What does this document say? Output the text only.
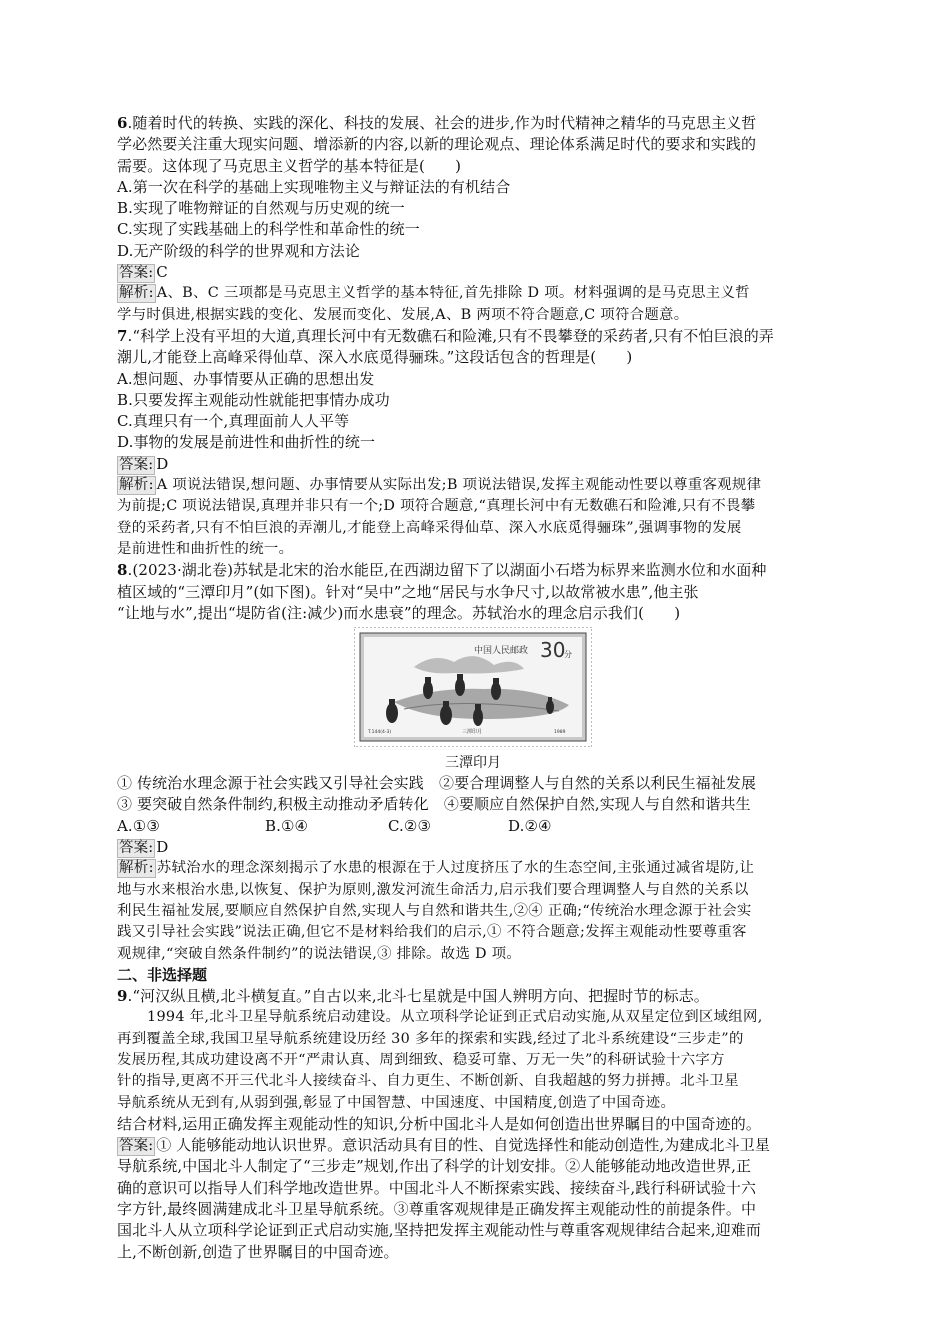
6.随着时代的转换、实践的深化、科技的发展、社会的进步,作为时代精神之精华的马克思主义哲
学必然要关注重大现实问题、增添新的内容,以新的理论观点、理论体系满足时代的要求和实践的
需要。这体现了马克思主义哲学的基本特征是(　　)
A.第一次在科学的基础上实现唯物主义与辩证法的有机结合
B.实现了唯物辩证的自然观与历史观的统一
C.实现了实践基础上的科学性和革命性的统一
D.无产阶级的科学的世界观和方法论
答案: C
解析: A、B、C 三项都是马克思主义哲学的基本特征,首先排除 D 项。材料强调的是马克思主义哲
学与时俱进,根据实践的变化、发展而变化、发展,A、B 两项不符合题意,C 项符合题意。
7.“科学上没有平坦的大道,真理长河中有无数礁石和险滩,只有不畏攀登的采药者,只有不怕巨浪的弄
潮儿,才能登上高峰采得仙草、深入水底觅得骊珠。”这段话包含的哲理是(　　)
A.想问题、办事情要从正确的思想出发
B.只要发挥主观能动性就能把事情办成功
C.真理只有一个,真理面前人人平等
D.事物的发展是前进性和曲折性的统一
答案: D
解析: A 项说法错误,想问题、办事情要从实际出发;B 项说法错误,发挥主观能动性要以尊重客观规律
为前提;C 项说法错误,真理并非只有一个;D 项符合题意,“真理长河中有无数礁石和险滩,只有不畏攀
登的采药者,只有不怕巨浪的弄潮儿,才能登上高峰采得仙草、深入水底觅得骊珠”,强调事物的发展
是前进性和曲折性的统一。
8.(2023·湖北卷)苏轼是北宋的治水能臣,在西湖边留下了以湖面小石塔为标界来监测水位和水面种
植区域的“三潭印月”(如下图)。针对“吴中”之地“居民与水争尺寸,以故常被水患”,他主张
“让地与水”,提出“堤防省(注:减少)而水患衰”的理念。苏轼治水的理念启示我们(　　)
中国人民邮政 30
分
T.144(4-3)	三潭印月	1989
三潭印月
① 传统治水理念源于社会实践又引导社会实践　②要合理调整人与自然的关系以利民生福祉发展
③ 要突破自然条件制约,积极主动推动矛盾转化　④要顺应自然保护自然,实现人与自然和谐共生
A.①③	B.①④	C.②③	D.②④
答案: D
解析: 苏轼治水的理念深刻揭示了水患的根源在于人过度挤压了水的生态空间,主张通过减省堤防,让
地与水来根治水患,以恢复、保护为原则,激发河流生命活力,启示我们要合理调整人与自然的关系以
利民生福祉发展,要顺应自然保护自然,实现人与自然和谐共生,②④ 正确;“传统治水理念源于社会实
践又引导社会实践”说法正确,但它不是材料给我们的启示,① 不符合题意;发挥主观能动性要尊重客
观规律,“突破自然条件制约”的说法错误,③ 排除。故选 D 项。
二、非选择题
9.“河汉纵且横,北斗横复直。”自古以来,北斗七星就是中国人辨明方向、把握时节的标志。
1994 年,北斗卫星导航系统启动建设。从立项科学论证到正式启动实施,从双星定位到区域组网,
再到覆盖全球,我国卫星导航系统建设历经 30 多年的探索和实践,经过了北斗系统建设“三步走”的
发展历程,其成功建设离不开“严肃认真、周到细致、稳妥可靠、万无一失”的科研试验十六字方
针的指导,更离不开三代北斗人接续奋斗、自力更生、不断创新、自我超越的努力拼搏。北斗卫星
导航系统从无到有,从弱到强,彰显了中国智慧、中国速度、中国精度,创造了中国奇迹。
结合材料,运用正确发挥主观能动性的知识,分析中国北斗人是如何创造出世界瞩目的中国奇迹的。
答案: ① 人能够能动地认识世界。意识活动具有目的性、自觉选择性和能动创造性,为建成北斗卫星
导航系统,中国北斗人制定了“三步走”规划,作出了科学的计划安排。②人能够能动地改造世界,正
确的意识可以指导人们科学地改造世界。中国北斗人不断探索实践、接续奋斗,践行科研试验十六
字方针,最终圆满建成北斗卫星导航系统。③尊重客观规律是正确发挥主观能动性的前提条件。中
国北斗人从立项科学论证到正式启动实施,坚持把发挥主观能动性与尊重客观规律结合起来,迎难而
上,不断创新,创造了世界瞩目的中国奇迹。
